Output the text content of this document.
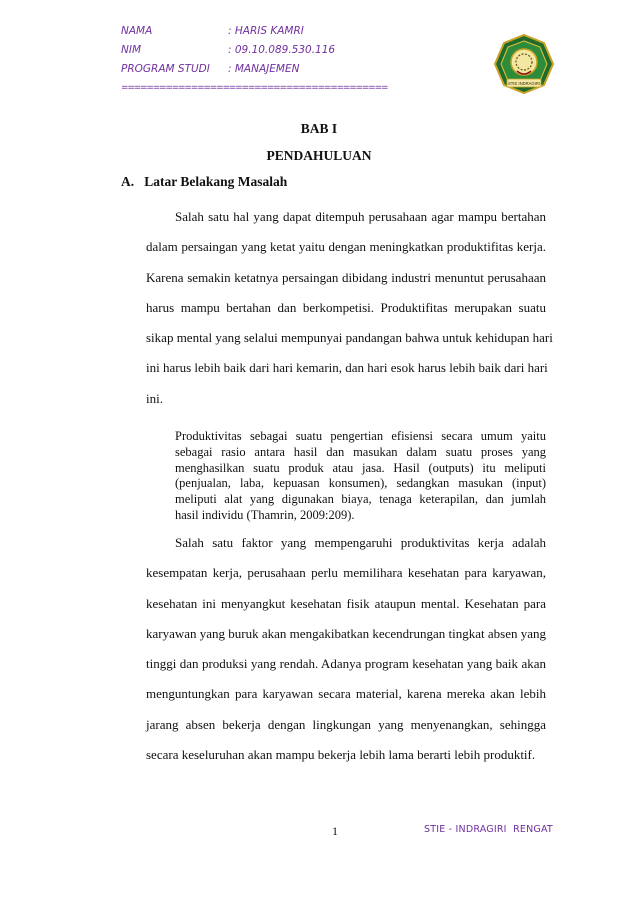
NAMA	: HARIS KAMRI
NIM	: 09.10.089.530.116
PROGRAM STUDI : MANAJEMEN
==========================================	STIE INDRAGIRI
BAB I
PENDAHULUAN
A.   Latar Belakang Masalah
Salah satu hal yang dapat ditempuh perusahaan agar mampu bertahan
dalam persaingan yang ketat yaitu dengan meningkatkan produktifitas kerja.
Karena semakin ketatnya persaingan dibidang industri menuntut perusahaan
harus mampu bertahan dan berkompetisi. Produktifitas merupakan suatu
sikap mental yang selalui mempunyai pandangan bahwa untuk kehidupan hari
ini harus lebih baik dari hari kemarin, dan hari esok harus lebih baik dari hari
ini.
Produktivitas sebagai suatu pengertian efisiensi secara umum yaitu
sebagai rasio antara hasil dan masukan dalam suatu proses yang
menghasilkan suatu produk atau jasa. Hasil (outputs) itu meliputi
(penjualan, laba, kepuasan konsumen), sedangkan masukan (input)
meliputi alat yang digunakan biaya, tenaga keterapilan, dan jumlah
hasil individu (Thamrin, 2009:209).
Salah satu faktor yang mempengaruhi produktivitas kerja adalah
kesempatan kerja, perusahaan perlu memilihara kesehatan para karyawan,
kesehatan ini menyangkut kesehatan fisik ataupun mental. Kesehatan para
karyawan yang buruk akan mengakibatkan kecendrungan tingkat absen yang
tinggi dan produksi yang rendah. Adanya program kesehatan yang baik akan
menguntungkan para karyawan secara material, karena mereka akan lebih
jarang absen bekerja dengan lingkungan yang menyenangkan, sehingga
secara keseluruhan akan mampu bekerja lebih lama berarti lebih produktif.
1	STIE - INDRAGIRI  RENGAT
